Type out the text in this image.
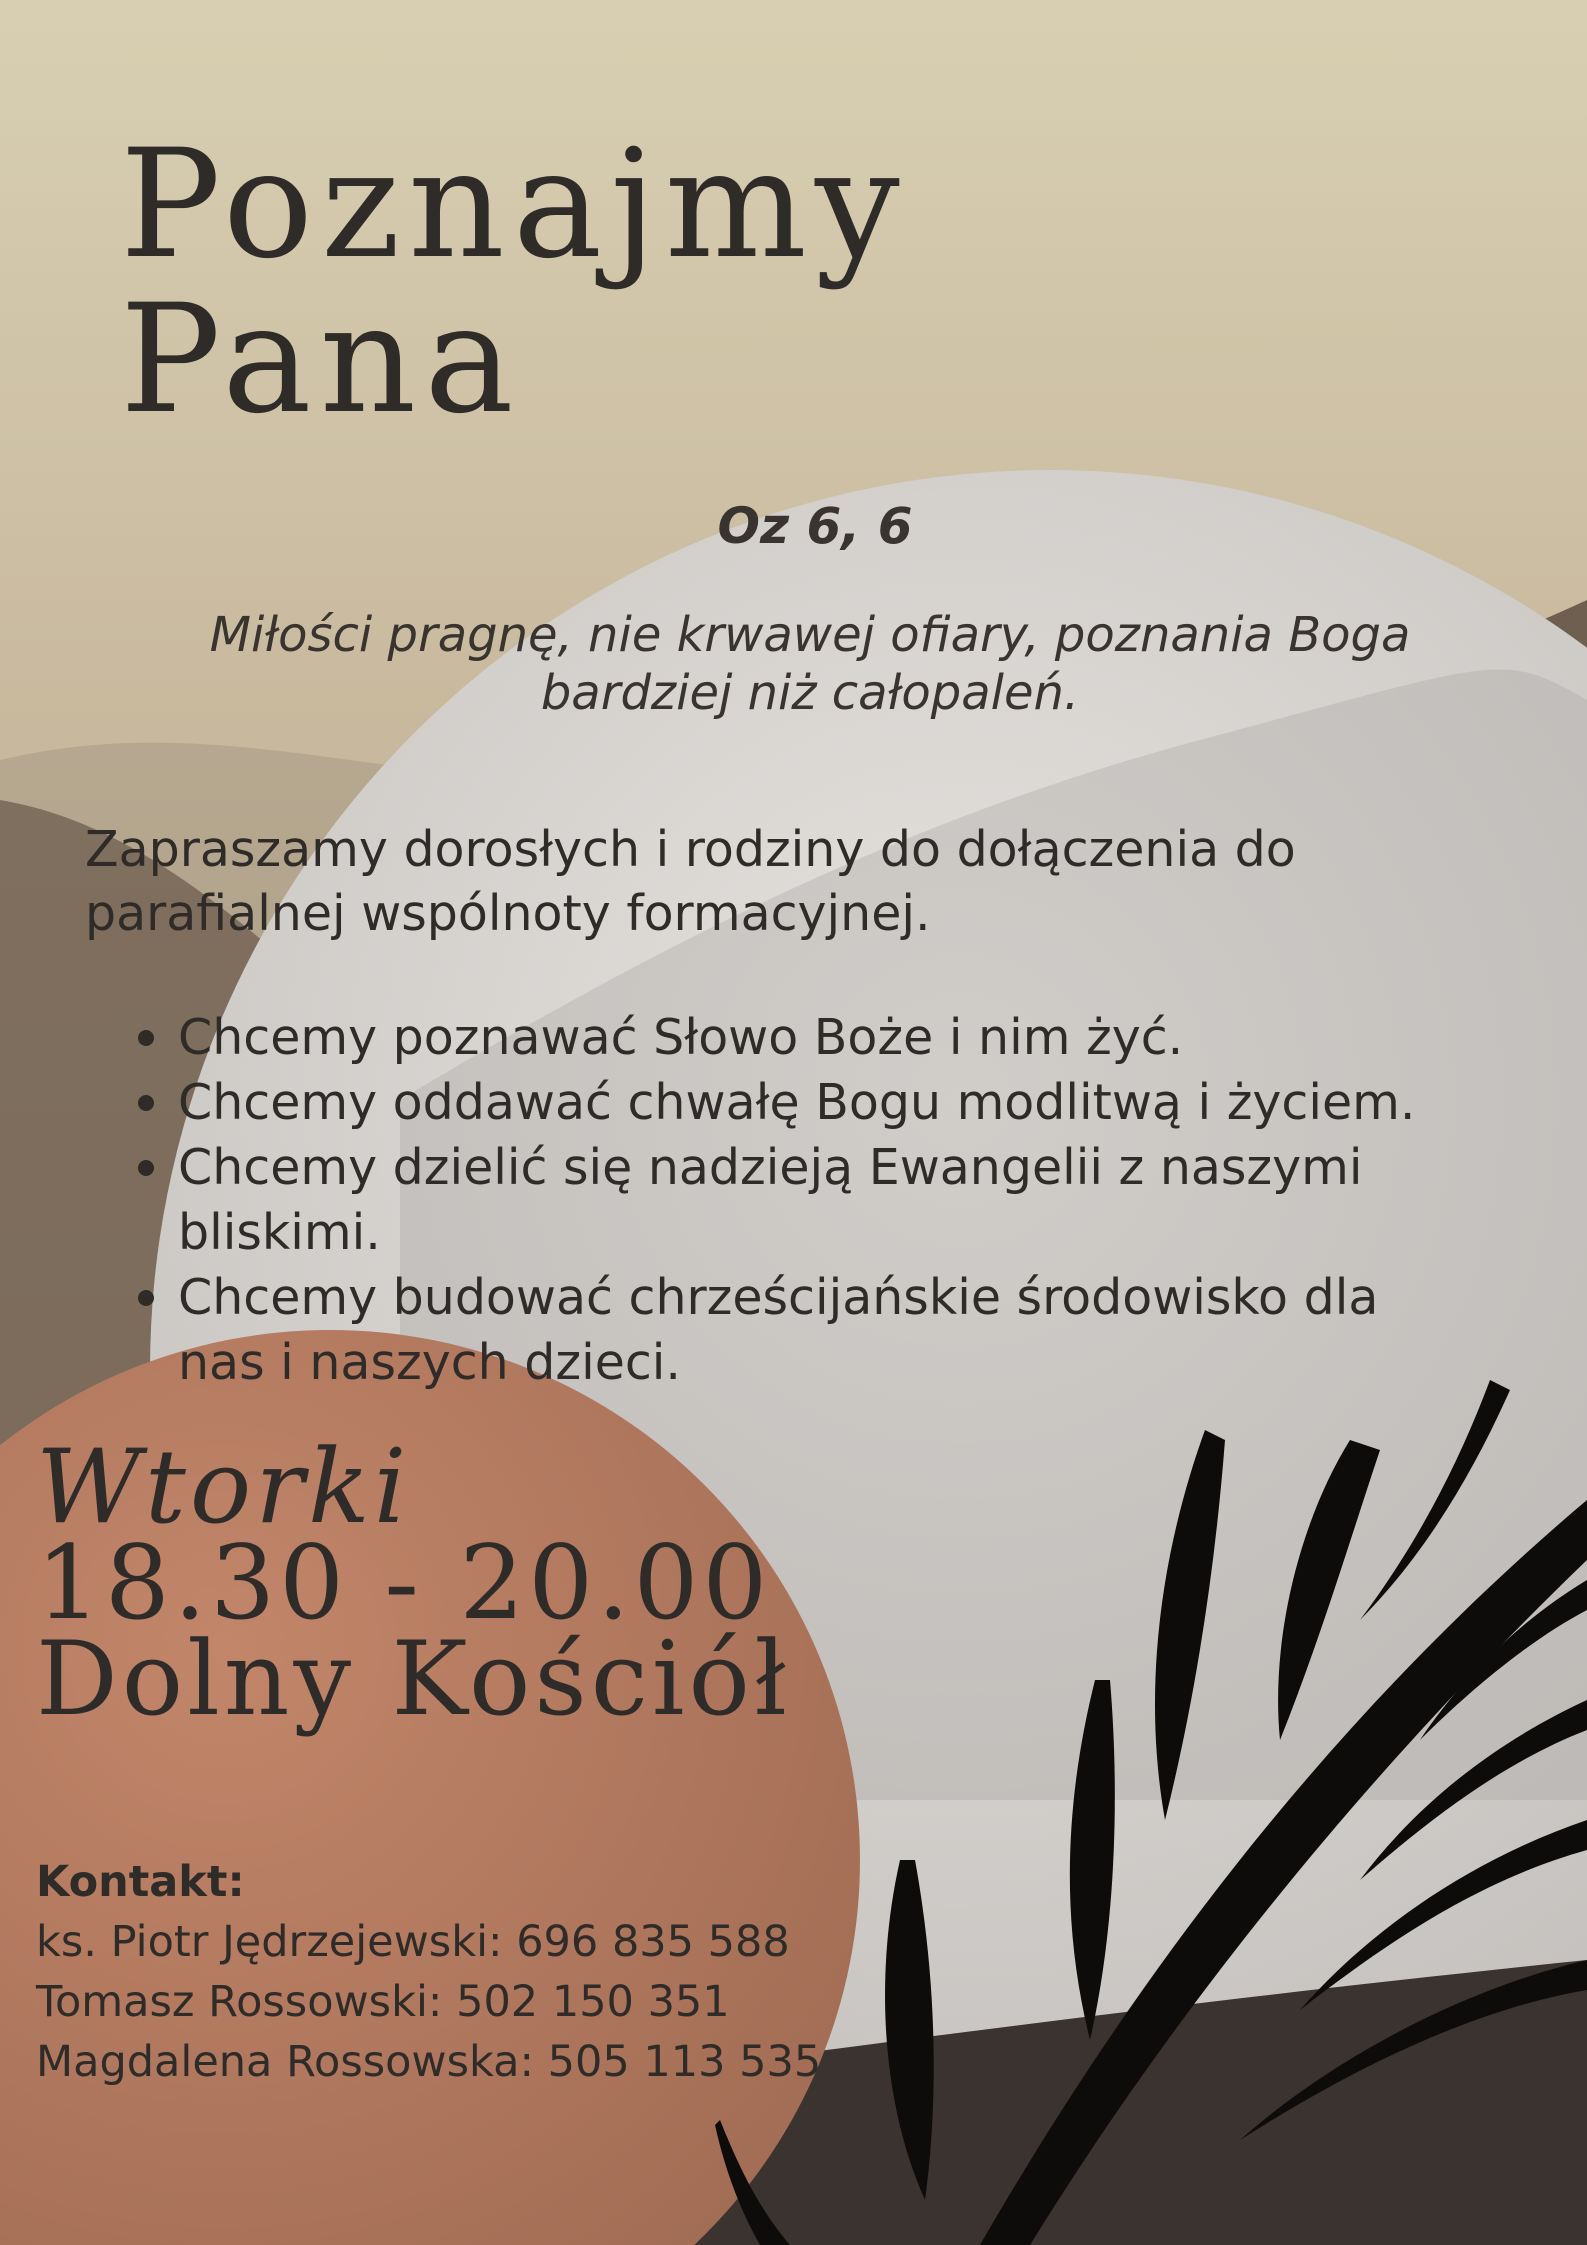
Poznajmy
Pana
Oz 6, 6
Miłości pragnę, nie krwawej ofiary, poznania Boga
bardziej niż całopaleń.
Zapraszamy dorosłych i rodziny do dołączenia do
parafialnej wspólnoty formacyjnej.
Chcemy poznawać Słowo Boże i nim żyć.
Chcemy oddawać chwałę Bogu modlitwą i życiem.
Chcemy dzielić się nadzieją Ewangelii z naszymi bliskimi.
Chcemy budować chrześcijańskie środowisko dla nas i naszych dzieci.
Wtorki
18.30 - 20.00
Dolny Kościół
Kontakt:
ks. Piotr Jędrzejewski: 696 835 588
Tomasz Rossowski: 502 150 351
Magdalena Rossowska: 505 113 535
